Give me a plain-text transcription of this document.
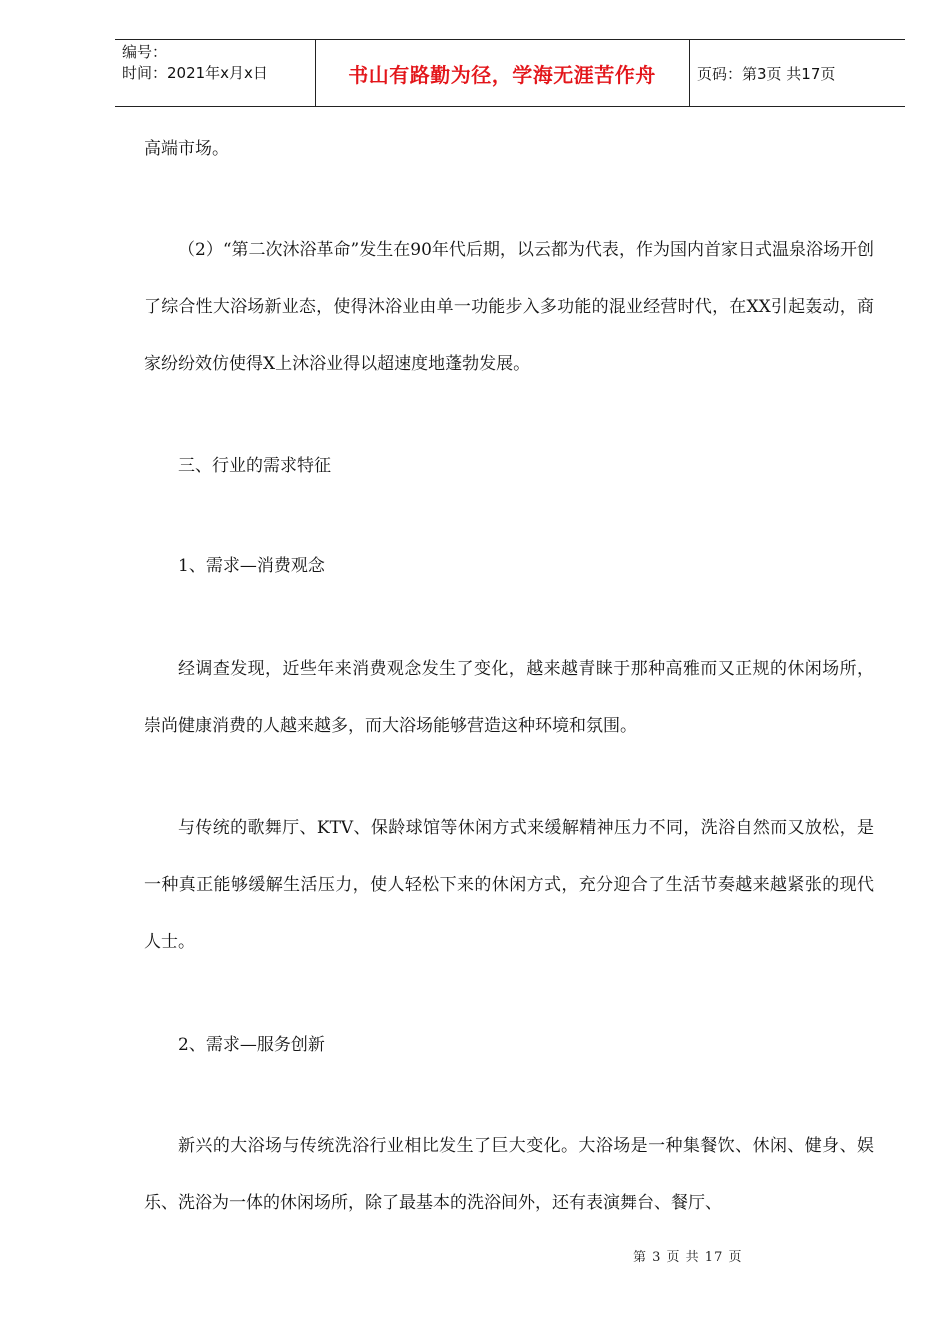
编号：
时间：2021年x月x日	书山有路勤为径，学海无涯苦作舟	页码：第3页 共17页

高端市场。

（2）“第二次沐浴革命”发生在90年代后期，以云都为代表，作为国内首家日式温泉浴场开创了综合性大浴场新业态，使得沐浴业由单一功能步入多功能的混业经营时代，在XX引起轰动，商家纷纷效仿使得X上沐浴业得以超速度地蓬勃发展。

三、行业的需求特征

1、需求—消费观念

经调查发现，近些年来消费观念发生了变化，越来越青睐于那种高雅而又正规的休闲场所，崇尚健康消费的人越来越多，而大浴场能够营造这种环境和氛围。

与传统的歌舞厅、KTV、保龄球馆等休闲方式来缓解精神压力不同，洗浴自然而又放松，是一种真正能够缓解生活压力，使人轻松下来的休闲方式，充分迎合了生活节奏越来越紧张的现代人士。

2、需求—服务创新

新兴的大浴场与传统洗浴行业相比发生了巨大变化。大浴场是一种集餐饮、休闲、健身、娱乐、洗浴为一体的休闲场所，除了最基本的洗浴间外，还有表演舞台、餐厅、

第 3 页 共 17 页
